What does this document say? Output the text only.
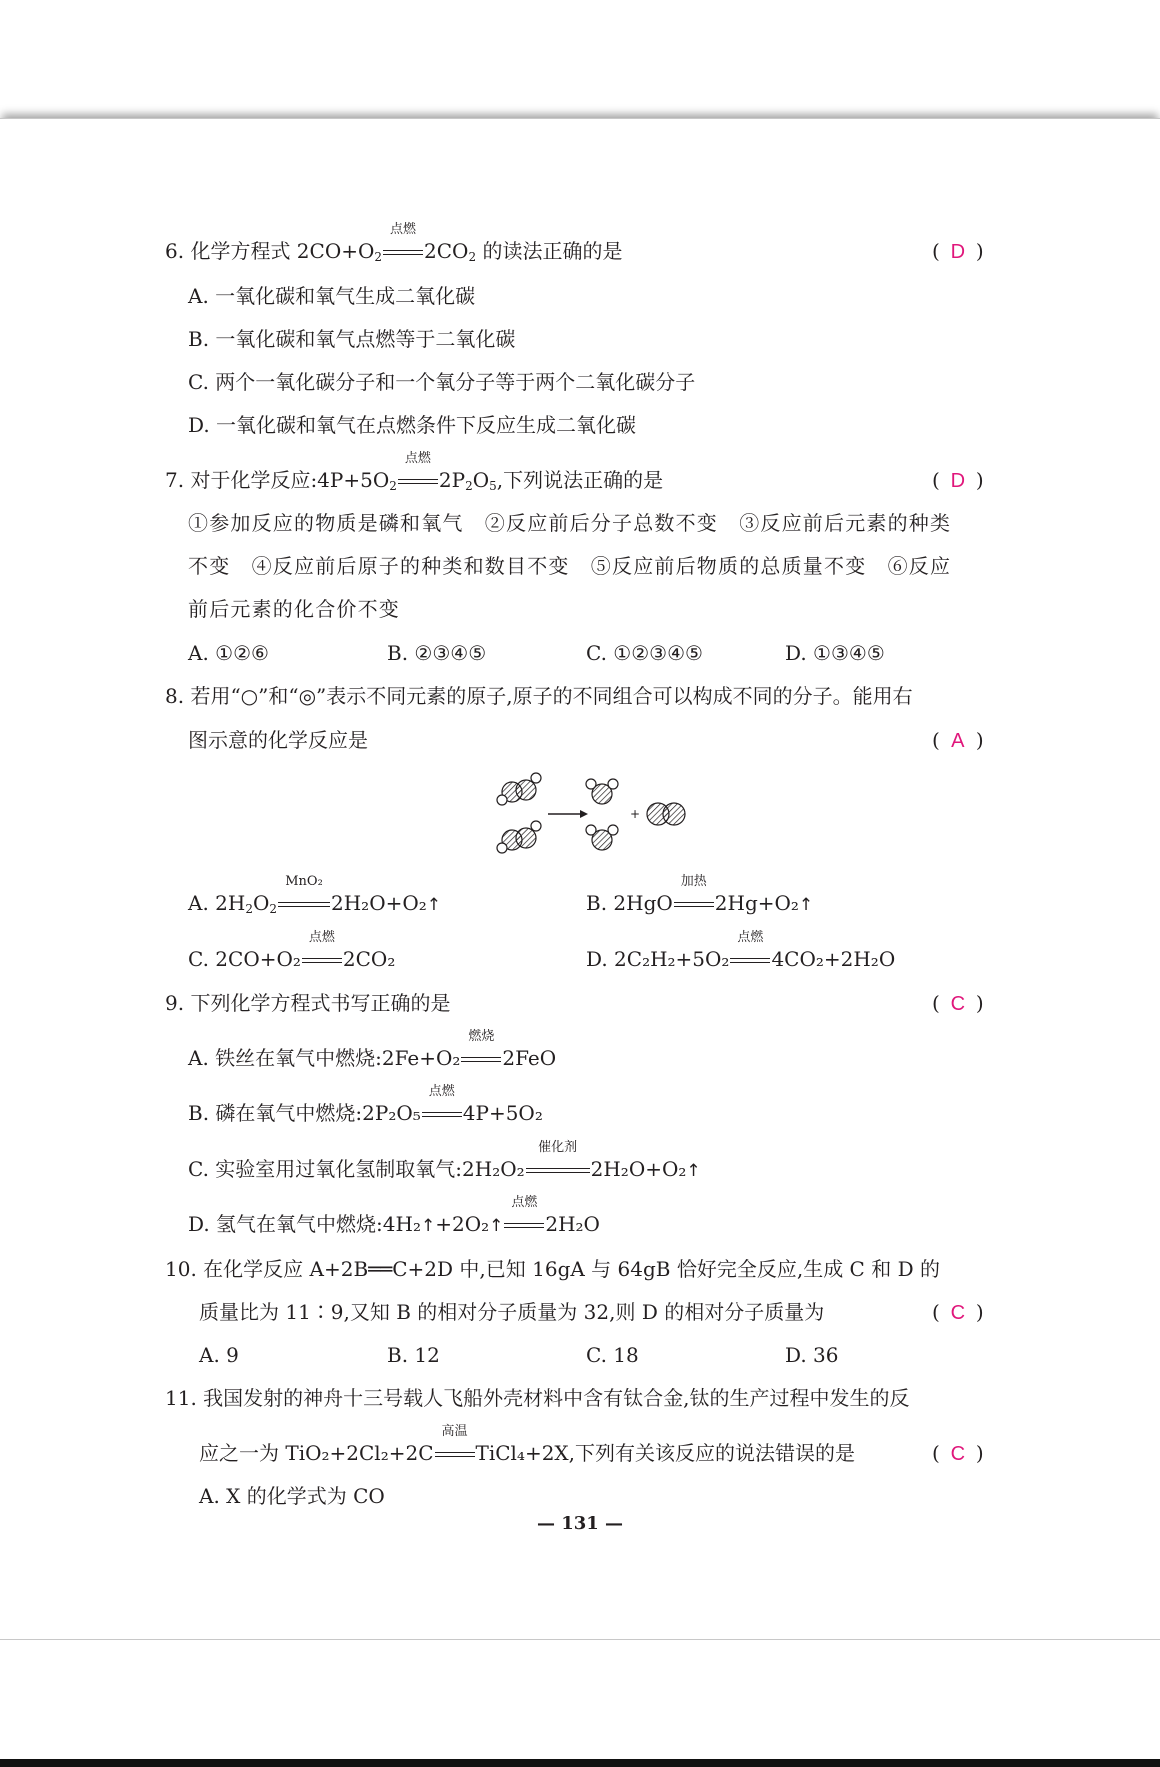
6. 化学方程式 $2CO+O_2$
点燃
$2CO_2$ 的读法正确的是	( D )
A. 一氧化碳和氧气生成二氧化碳
B. 一氧化碳和氧气点燃等于二氧化碳
C. 两个一氧化碳分子和一个氧分子等于两个二氧化碳分子
D. 一氧化碳和氧气在点燃条件下反应生成二氧化碳
7. 对于化学反应$:4P+5O_2$
点燃
$2P_2O_5$,下列说法正确的是	( D )
①参加反应的物质是磷和氧气　②反应前后分子总数不变　③反应前后元素的种类
不变　④反应前后原子的种类和数目不变　⑤反应前后物质的总质量不变　⑥反应
前后元素的化合价不变
A. ①②⑥	B. ②③④⑤	C. ①②③④⑤	D. ①③④⑤
8. 若用“○”和“◎”表示不同元素的原子,原子的不同组合可以构成不同的分子。能用右
图示意的化学反应是	( A )
+
A. $2H_2O_2$
MnO₂
2H₂O+O₂↑	B. 2HgO
加热
2Hg+O₂↑
C. 2CO+O₂
点燃
2CO₂	D. 2C₂H₂+5O₂
点燃
4CO₂+2H₂O
9. 下列化学方程式书写正确的是	( C )
A. 铁丝在氧气中燃烧:2Fe+O₂
燃烧
2FeO
B. 磷在氧气中燃烧:2P₂O₅
点燃
4P+5O₂
C. 实验室用过氧化氢制取氧气:2H₂O₂
催化剂
2H₂O+O₂↑
D. 氢气在氧气中燃烧:4H₂↑+2O₂↑
点燃
2H₂O
10. 在化学反应 A+2B══C+2D 中,已知 16gA 与 64gB 恰好完全反应,生成 C 和 D 的
质量比为 11∶9,又知 B 的相对分子质量为 32,则 D 的相对分子质量为	( C )
A. 9	B. 12	C. 18	D. 36
11. 我国发射的神舟十三号载人飞船外壳材料中含有钛合金,钛的生产过程中发生的反
应之一为 TiO₂+2Cl₂+2C
高温
TiCl₄+2X,下列有关该反应的说法错误的是	( C )
A. X 的化学式为 CO
— 131 —
